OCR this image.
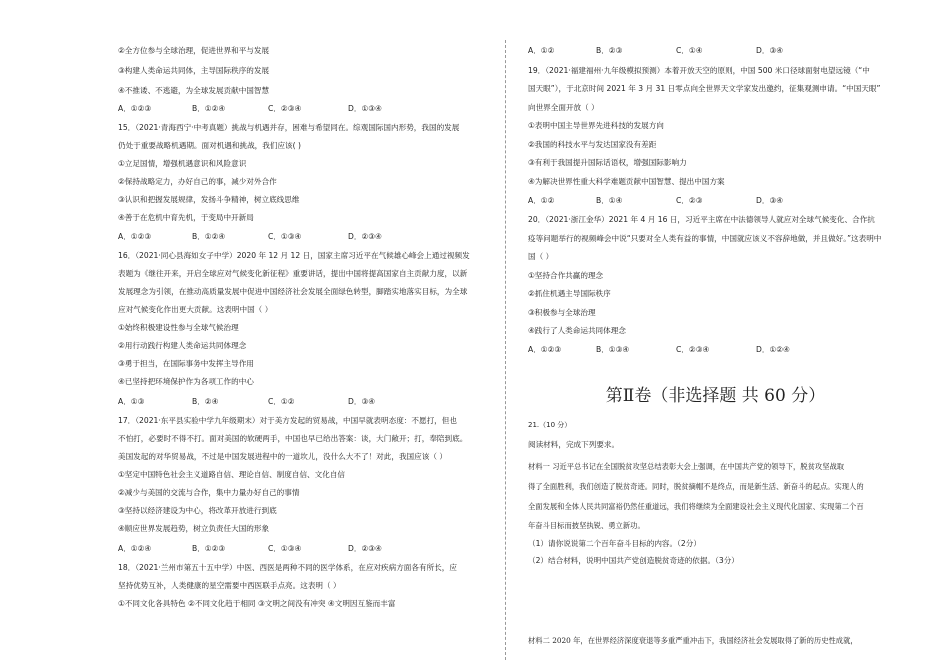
②全方位参与全球治理，促进世界和平与发展
③构建人类命运共同体，主导国际秩序的发展
④不推诿、不逃避，为全球发展贡献中国智慧
A．①②③	B．①②④	C．②③④	D．①③④
15．（2021·青海西宁·中考真题）挑战与机遇并存，困难与希望同在。综观国际国内形势，我国的发展
仍处于重要战略机遇期。面对机遇和挑战，我们应该( )
①立足国情，增强机遇意识和风险意识
②保持战略定力，办好自己的事，减少对外合作
③认识和把握发展规律，发扬斗争精神，树立底线思维
④善于在危机中育先机，于变局中开新局
A．①②③	B．①②④	C．①③④	D．②③④
16．（2021·同心县海如女子中学）2020 年 12 月 12 日，国家主席习近平在气候雄心峰会上通过视频发
表题为《继往开来，开启全球应对气候变化新征程》重要讲话，提出中国将提高国家自主贡献力度，以新
发展理念为引领，在推动高质量发展中促进中国经济社会发展全面绿色转型，脚踏实地落实目标，为全球
应对气候变化作出更大贡献。这表明中国（ ）
①始终积极建设性参与全球气候治理
②用行动践行构建人类命运共同体理念
③勇于担当，在国际事务中发挥主导作用
④已坚持把环境保护作为各项工作的中心
A．①③	B．②④	C．①②	D．③④
17．（2021·东平县实验中学九年级期末）对于美方发起的贸易战，中国早就表明态度：不愿打，但也
不怕打，必要时不得不打。面对美国的软硬两手，中国也早已给出答案：谈，大门敞开；打，奉陪到底。
美国发起的对华贸易战，不过是中国发展进程中的一道坎儿，没什么大不了！对此，我国应该（ ）
①坚定中国特色社会主义道路自信、理论自信、制度自信、文化自信
②减少与美国的交流与合作，集中力量办好自己的事情
③坚持以经济建设为中心，将改革开放进行到底
④顺应世界发展趋势，树立负责任大国的形象
A．①②④	B．①②③	C．①③④	D．②③④
18．（2021·兰州市第五十五中学）中医、西医是两种不同的医学体系，在应对疾病方面各有所长，应
坚持优势互补，人类健康的星空需要中西医联手点亮。这表明（ ）
①不同文化各具特色 ②不同文化趋于相同 ③文明之间没有冲突 ④文明因互鉴而丰富
A．①②	B．②③	C．①④	D．③④
19．（2021·福建福州·九年级模拟预测）本着开放天空的原则，中国 500 米口径球面射电望远镜（“中
国天眼”），于北京时间 2021 年 3 月 31 日零点向全世界天文学家发出邀约，征集观测申请。“中国天眼”
向世界全面开放（ ）
①表明中国主导世界先进科技的发展方向
②我国的科技水平与发达国家没有差距
③有利于我国提升国际话语权，增强国际影响力
④为解决世界性重大科学难题贡献中国智慧、提出中国方案
A．①②	B．①④	C．②③	D．③④
20．（2021·浙江金华）2021 年 4 月 16 日，习近平主席在中法德领导人就应对全球气候变化、合作抗
疫等问题举行的视频峰会中说“只要对全人类有益的事情，中国就应该义不容辞地做，并且做好。”这表明中
国（ ）
①坚持合作共赢的理念
②抓住机遇主导国际秩序
③积极参与全球治理
④践行了人类命运共同体理念
A．①②③	B．①③④	C．②③④	D．①②④
第Ⅱ卷（非选择题 共 60 分）
21.（10 分）
阅读材料，完成下列要求。
材料一 习近平总书记在全国脱贫攻坚总结表彰大会上强调，在中国共产党的领导下，脱贫攻坚战取
得了全面胜利，我们创造了脱贫奇迹。同时，脱贫摘帽不是终点，而是新生活、新奋斗的起点。实现人的
全面发展和全体人民共同富裕仍然任重道远，我们将继续为全面建设社会主义现代化国家、实现第二个百
年奋斗目标而披坚执锐、勇立新功。
（1）请你说说第二个百年奋斗目标的内容。（2分）
（2）结合材料，说明中国共产党创造脱贫奇迹的依据。（3分）
材料二 2020 年，在世界经济深度衰退等多重严重冲击下，我国经济社会发展取得了新的历史性成就，
